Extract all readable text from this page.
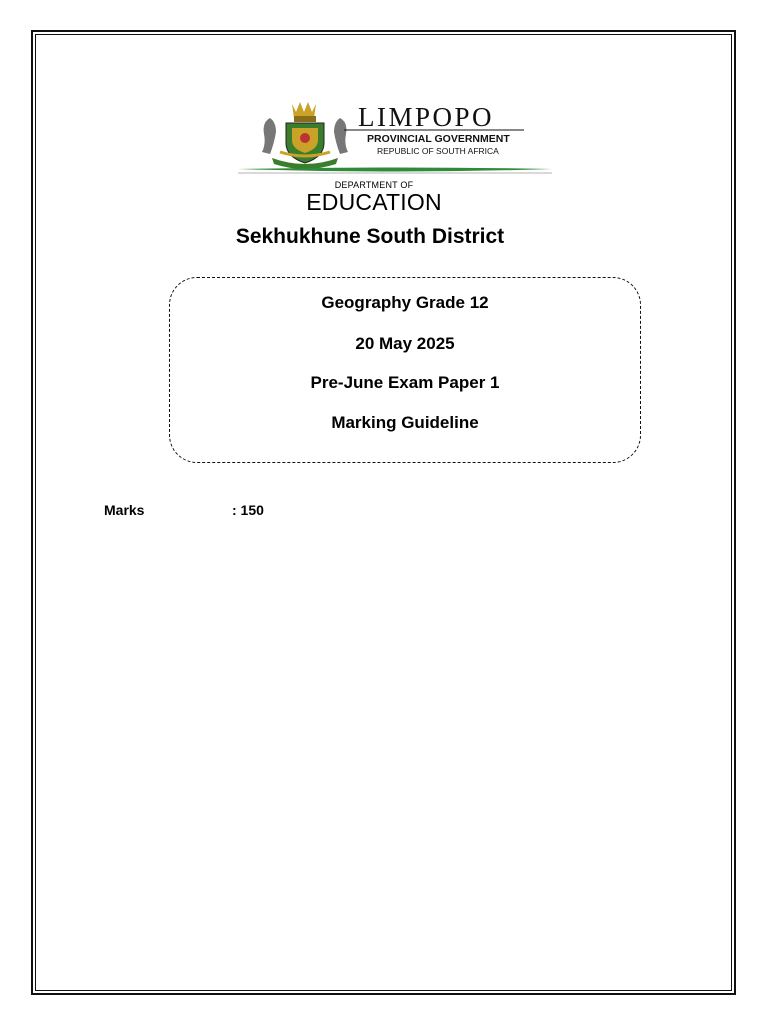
LIMPOPO
PROVINCIAL GOVERNMENT
REPUBLIC OF SOUTH AFRICA
DEPARTMENT OF
EDUCATION
Sekhukhune South District
Geography Grade 12
20 May 2025
Pre-June Exam Paper 1
Marking Guideline
Marks	: 150
